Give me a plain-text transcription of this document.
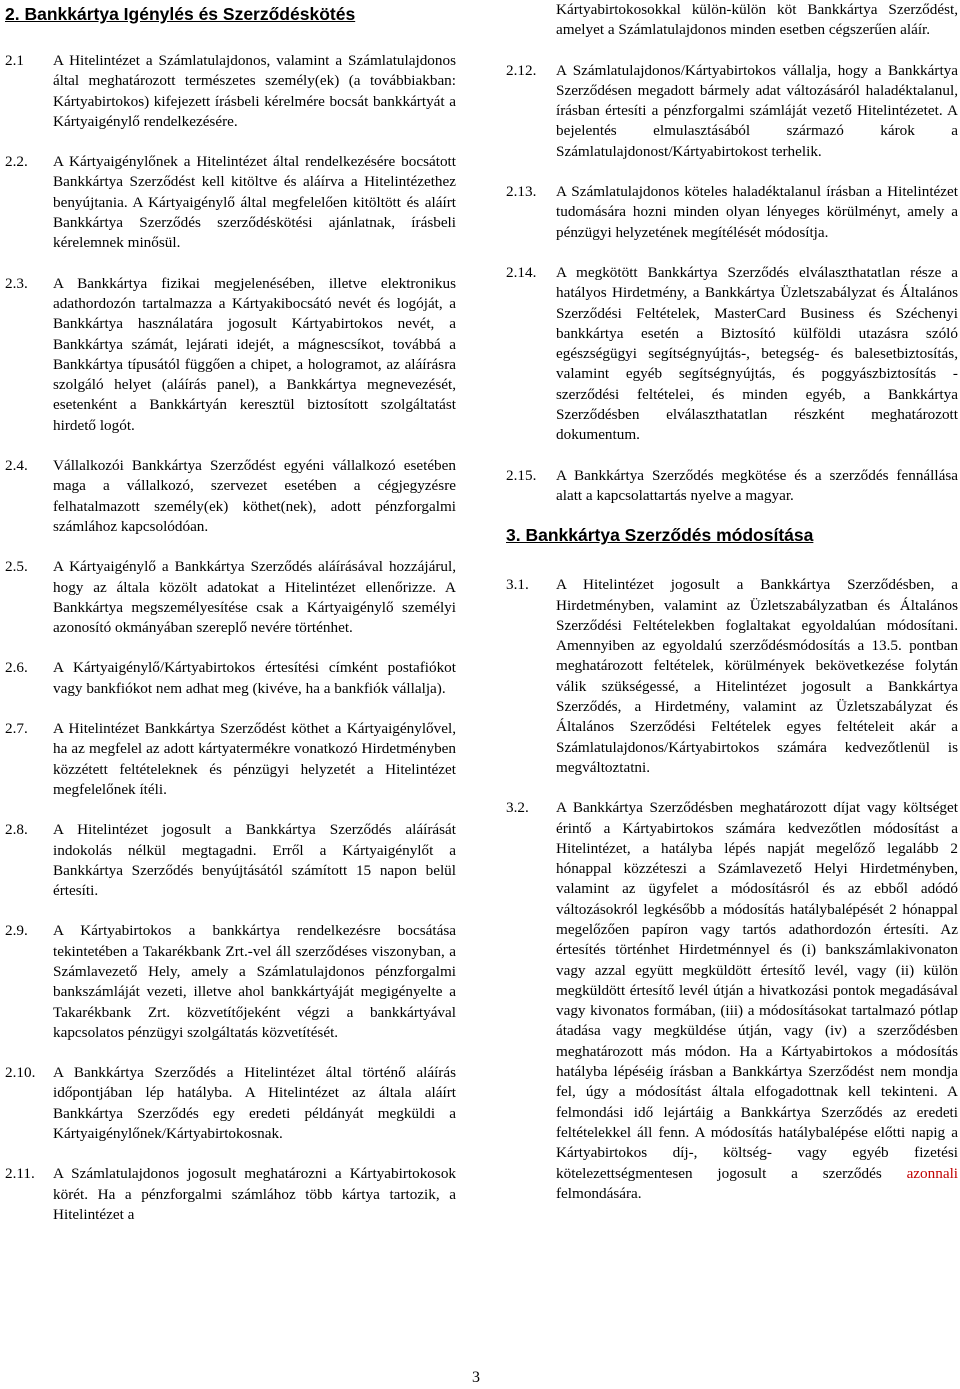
2. Bankkártya Igénylés és Szerződéskötés
2.1	A Hitelintézet a Számlatulajdonos, valamint a Számlatulajdonos által meghatározott természetes személy(ek) (a továbbiakban: Kártyabirtokos) kifejezett írásbeli kérelmére bocsát bankkártyát a Kártyaigénylő rendelkezésére.
2.2.	A Kártyaigénylőnek a Hitelintézet által rendelkezésére bocsátott Bankkártya Szerződést kell kitöltve és aláírva a Hitelintézethez benyújtania. A Kártyaigénylő által megfelelően kitöltött és aláírt Bankkártya Szerződés szerződéskötési ajánlatnak, írásbeli kérelemnek minősül.
2.3.	A Bankkártya fizikai megjelenésében, illetve elektronikus adathordozón tartalmazza a Kártyakibocsátó nevét és logóját, a Bankkártya használatára jogosult Kártyabirtokos nevét, a Bankkártya számát, lejárati idejét, a mágnescsíkot, továbbá a Bankkártya típusától függően a chipet, a hologramot, az aláírásra szolgáló helyet (aláírás panel), a Bankkártya megnevezését, esetenként a Bankkártyán keresztül biztosított szolgáltatást hirdető logót.
2.4.	Vállalkozói Bankkártya Szerződést egyéni vállalkozó esetében maga a vállalkozó, szervezet esetében a cégjegyzésre felhatalmazott személy(ek) köthet(nek), adott pénzforgalmi számlához kapcsolódóan.
2.5.	A Kártyaigénylő a Bankkártya Szerződés aláírásával hozzájárul, hogy az általa közölt adatokat a Hitelintézet ellenőrizze. A Bankkártya megszemélyesítése csak a Kártyaigénylő személyi azonosító okmányában szereplő nevére történhet.
2.6.	A Kártyaigénylő/Kártyabirtokos értesítési címként postafiókot vagy bankfiókot nem adhat meg (kivéve, ha a bankfiók vállalja).
2.7.	A Hitelintézet Bankkártya Szerződést köthet a Kártyaigénylővel, ha az megfelel az adott kártyatermékre vonatkozó Hirdetményben közzétett feltételeknek és pénzügyi helyzetét a Hitelintézet megfelelőnek ítéli.
2.8.	A Hitelintézet jogosult a Bankkártya Szerződés aláírását indokolás nélkül megtagadni. Erről a Kártyaigénylőt a Bankkártya Szerződés benyújtásától számított 15 napon belül értesíti.
2.9.	A Kártyabirtokos a bankkártya rendelkezésre bocsátása tekintetében a Takarékbank Zrt.-vel áll szerződéses viszonyban, a Számlavezető Hely, amely a Számlatulajdonos pénzforgalmi bankszámláját vezeti, illetve ahol bankkártyáját megigényelte a Takarékbank Zrt. közvetítőjeként végzi a bankkártyával kapcsolatos pénzügyi szolgáltatás közvetítését.
2.10.	A Bankkártya Szerződés a Hitelintézet által történő aláírás időpontjában lép hatályba. A Hitelintézet az általa aláírt Bankkártya Szerződés egy eredeti példányát megküldi a Kártyaigénylőnek/Kártyabirtokosnak.
2.11.	A Számlatulajdonos jogosult meghatározni a Kártyabirtokosok körét. Ha a pénzforgalmi számlához több kártya tartozik, a Hitelintézet a
Kártyabirtokosokkal külön-külön köt Bankkártya Szerződést, amelyet a Számlatulajdonos minden esetben cégszerűen aláír.
2.12.	A Számlatulajdonos/Kártyabirtokos vállalja, hogy a Bankkártya Szerződésen megadott bármely adat változásáról haladéktalanul, írásban értesíti a pénzforgalmi számláját vezető Hitelintézetet. A bejelentés elmulasztásából származó károk a Számlatulajdonost/Kártyabirtokost terhelik.
2.13.	A Számlatulajdonos köteles haladéktalanul írásban a Hitelintézet tudomására hozni minden olyan lényeges körülményt, amely a pénzügyi helyzetének megítélését módosítja.
2.14.	A megkötött Bankkártya Szerződés elválaszthatatlan része a hatályos Hirdetmény, a Bankkártya Üzletszabályzat és Általános Szerződési Feltételek, MasterCard Business és Széchenyi bankkártya esetén a Biztosító külföldi utazásra szóló egészségügyi segítségnyújtás-, betegség- és balesetbiztosítás, valamint egyéb segítségnyújtás, és poggyászbiztosítás - szerződési feltételei, és minden egyéb, a Bankkártya Szerződésben elválaszthatatlan részként meghatározott dokumentum.
2.15.	A Bankkártya Szerződés megkötése és a szerződés fennállása alatt a kapcsolattartás nyelve a magyar.
3. Bankkártya Szerződés módosítása
3.1.	A Hitelintézet jogosult a Bankkártya Szerződésben, a Hirdetményben, valamint az Üzletszabályzatban és Általános Szerződési Feltételekben foglaltakat egyoldalúan módosítani. Amennyiben az egyoldalú szerződésmódosítás a 13.5. pontban meghatározott feltételek, körülmények bekövetkezése folytán válik szükségessé, a Hitelintézet jogosult a Bankkártya Szerződés, a Hirdetmény, valamint az Üzletszabályzat és Általános Szerződési Feltételek egyes feltételeit akár a Számlatulajdonos/Kártyabirtokos számára kedvezőtlenül is megváltoztatni.
3.2.	A Bankkártya Szerződésben meghatározott díjat vagy költséget érintő a Kártyabirtokos számára kedvezőtlen módosítást a Hitelintézet, a hatályba lépés napját megelőző legalább 2 hónappal közzéteszi a Számlavezető Helyi Hirdetményben, valamint az ügyfelet a módosításról és az ebből adódó változásokról legkésőbb a módosítás hatálybalépését 2 hónappal megelőzően papíron vagy tartós adathordozón értesíti. Az értesítés történhet Hirdetménnyel és (i) bankszámlakivonaton vagy azzal együtt megküldött értesítő levél, vagy (ii) külön megküldött értesítő levél útján a hivatkozási pontok megadásával vagy kivonatos formában, (iii) a módosításokat tartalmazó pótlap átadása vagy megküldése útján, vagy (iv) a szerződésben meghatározott más módon. Ha a Kártyabirtokos a módosítás hatályba lépéséig írásban a Bankkártya Szerződést nem mondja fel, úgy a módosítást általa elfogadottnak kell tekinteni. A felmondási idő lejártáig a Bankkártya Szerződés az eredeti feltételekkel áll fenn. A módosítás hatálybalépése előtti napig a Kártyabirtokos díj-, költség- vagy egyéb fizetési kötelezettségmentesen jogosult a szerződés azonnali felmondására.
3
